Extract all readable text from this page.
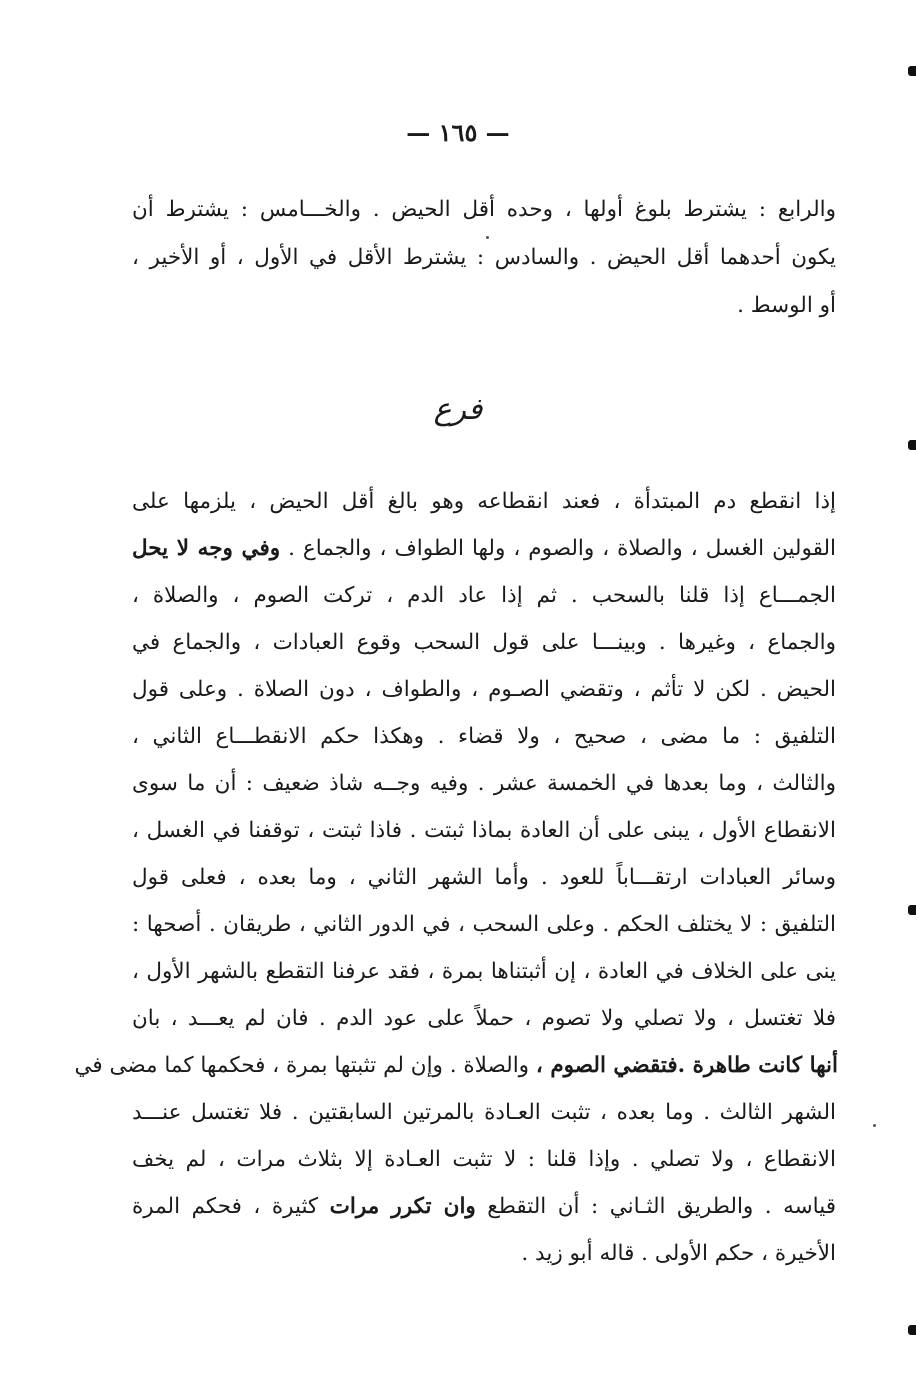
— ١٦٥ —
والرابع : يشترط بلوغ أولها ، وحده أقل الحيض . والخـــامس : يشترط أن
يكون أحدهما أقل الحيض . والسادس : يشترط الأقل في الأول ، أو الأخير ،
أو الوسط .
فرع
إذا انقطع دم المبتدأة ، فعند انقطاعه وهو بالغ أقل الحيض ، يلزمها على
القولين الغسل ، والصلاة ، والصوم ، ولها الطواف ، والجماع . وفي وجه لا يحل
الجمـــاع إذا قلنا بالسحب . ثم إذا عاد الدم ، تركت الصوم ، والصلاة ،
والجماع ، وغيرها . وبينـــا على قول السحب وقوع العبادات ، والجماع في
الحيض . لكن لا تأثم ، وتقضي الصـوم ، والطواف ، دون الصلاة . وعلى قول
التلفيق : ما مضى ، صحيح ، ولا قضاء . وهكذا حكم الانقطـــاع الثاني ،
والثالث ، وما بعدها في الخمسة عشر . وفيه وجــه شاذ ضعيف : أن ما سوى
الانقطاع الأول ، يبنى على أن العادة بماذا ثبتت . فاذا ثبتت ، توقفنا في الغسل ،
وسائر العبادات ارتقـــاباً للعود . وأما الشهر الثاني ، وما بعده ، فعلى قول
التلفيق : لا يختلف الحكم . وعلى السحب ، في الدور الثاني ، طريقان . أصحها :
ينى على الخلاف في العادة ، إن أثبتناها بمرة ، فقد عرفنا التقطع بالشهر الأول ،
فلا تغتسل ، ولا تصلي ولا تصوم ، حملاً على عود الدم . فان لم يعـــد ، بان
أنها كانت طاهرة .فتقضي الصوم ، والصلاة . وإن لم تثبتها بمرة ، فحكمها كما مضى في
الشهر الثالث . وما بعده ، تثبت العـادة بالمرتين السابقتين . فلا تغتسل عنـــد
الانقطاع ، ولا تصلي . وإذا قلنا : لا تثبت العـادة إلا بثلاث مرات ، لم يخف
قياسه . والطريق الثـاني : أن التقطع وان تكرر مرات كثيرة ، فحكم المرة
الأخيرة ، حكم الأولى . قاله أبو زيد .
